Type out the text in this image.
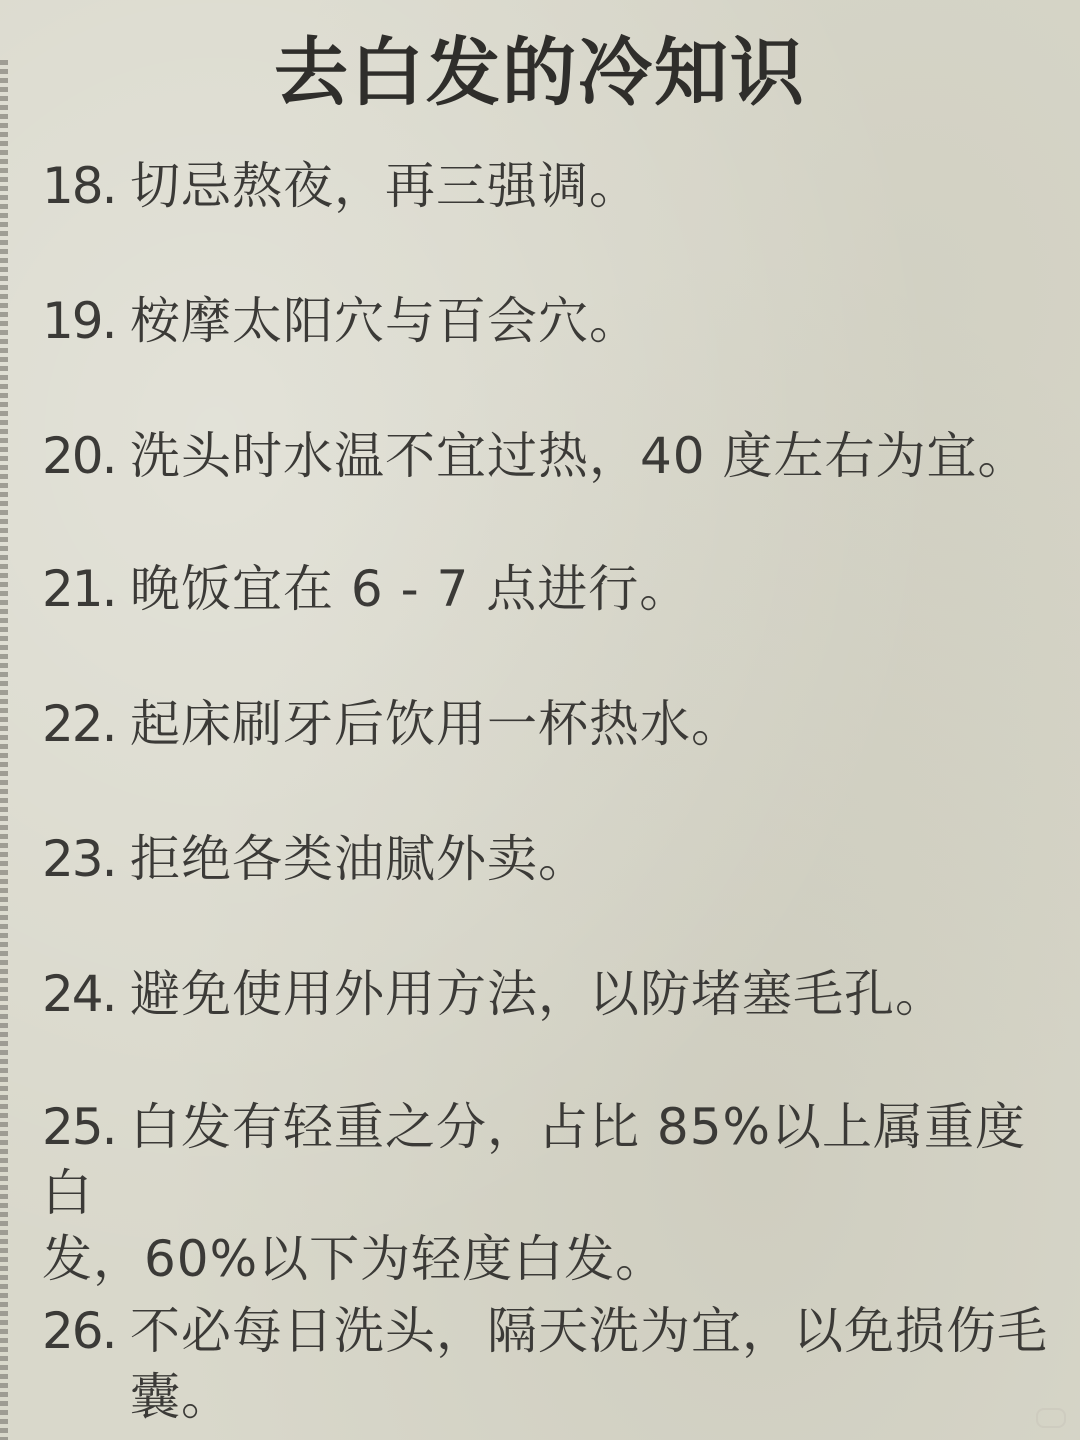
去白发的冷知识
18. 切忌熬夜，再三强调。
19. 桉摩太阳穴与百会穴。
20. 洗头时水温不宜过热，40 度左右为宜。
21. 晚饭宜在 6 - 7 点进行。
22. 起床刷牙后饮用一杯热水。
23. 拒绝各类油腻外卖。
24. 避免使用外用方法，以防堵塞毛孔。
25. 白发有轻重之分，占比 85%以上属重度白
发，60%以下为轻度白发。
26. 不必每日洗头，隔天洗为宜，以免损伤毛
囊。
